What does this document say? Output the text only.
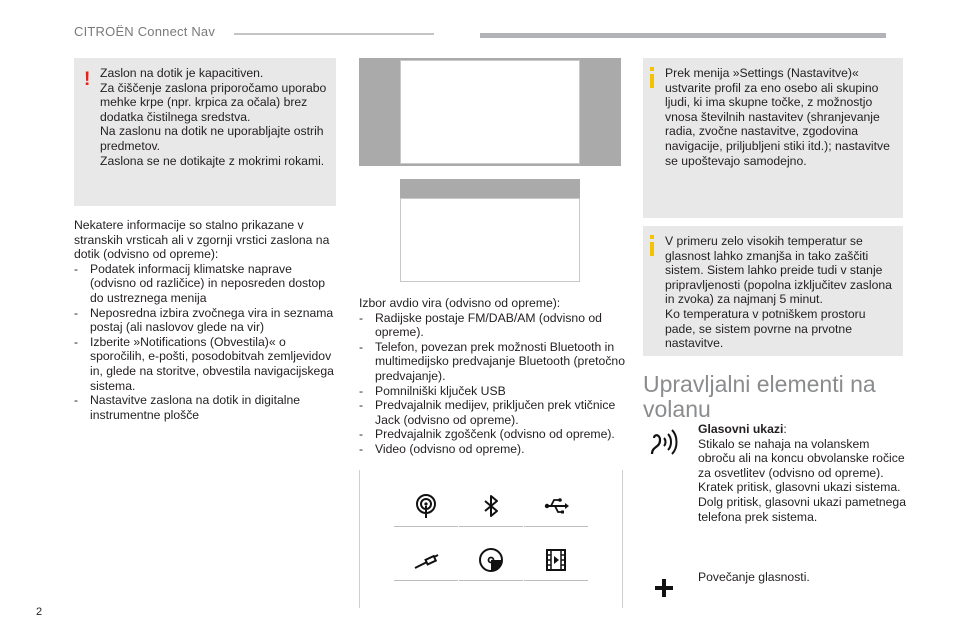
CITROËN Connect Nav
! Zaslon na dotik je kapacitiven.
Za čiščenje zaslona priporočamo uporabo mehke krpe (npr. krpica za očala) brez dodatka čistilnega sredstva.
Na zaslonu na dotik ne uporabljajte ostrih predmetov.
Zaslona se ne dotikajte z mokrimi rokami.

Nekatere informacije so stalno prikazane v stranskih vrsticah ali v zgornji vrstici zaslona na dotik (odvisno od opreme):

- Podatek informacij klimatske naprave (odvisno od različice) in neposreden dostop do ustreznega menija
- Neposredna izbira zvočnega vira in seznama postaj (ali naslovov glede na vir)
- Izberite »Notifications (Obvestila)« o sporočilih, e-pošti, posodobitvah zemljevidov in, glede na storitve, obvestila navigacijskega sistema.
- Nastavitve zaslona na dotik in digitalne instrumentne plošče

Izbor avdio vira (odvisno od opreme):

- Radijske postaje FM/DAB/AM (odvisno od opreme).
- Telefon, povezan prek možnosti Bluetooth in multimedijsko predvajanje Bluetooth (pretočno predvajanje).
- Pomnilniški ključek USB
- Predvajalnik medijev, priključen prek vtičnice Jack (odvisno od opreme).
- Predvajalnik zgoščenk (odvisno od opreme).
- Video (odvisno od opreme).
Prek menija »Settings (Nastavitve)« ustvarite profil za eno osebo ali skupino ljudi, ki ima skupne točke, z možnostjo vnosa številnih nastavitev (shranjevanje radia, zvočne nastavitve, zgodovina navigacije, priljubljeni stiki itd.); nastavitve se upoštevajo samodejno.
V primeru zelo visokih temperatur se glasnost lahko zmanjša in tako zaščiti sistem. Sistem lahko preide tudi v stanje pripravljenosti (popolna izklјučitev zaslona in zvoka) za najmanj 5 minut.
Ko temperatura v potniškem prostoru pade, se sistem povrne na prvotne nastavitve.
Upravljalni elementi na volanu

Glasovni ukazi:

Stikalo se nahaja na volanskem obroču ali na koncu obvolanske ročice za osvetlitev (odvisno od opreme).
Kratek pritisk, glasovni ukazi sistema.
Dolg pritisk, glasovni ukazi pametnega telefona prek sistema.

Povečanje glasnosti.
2
